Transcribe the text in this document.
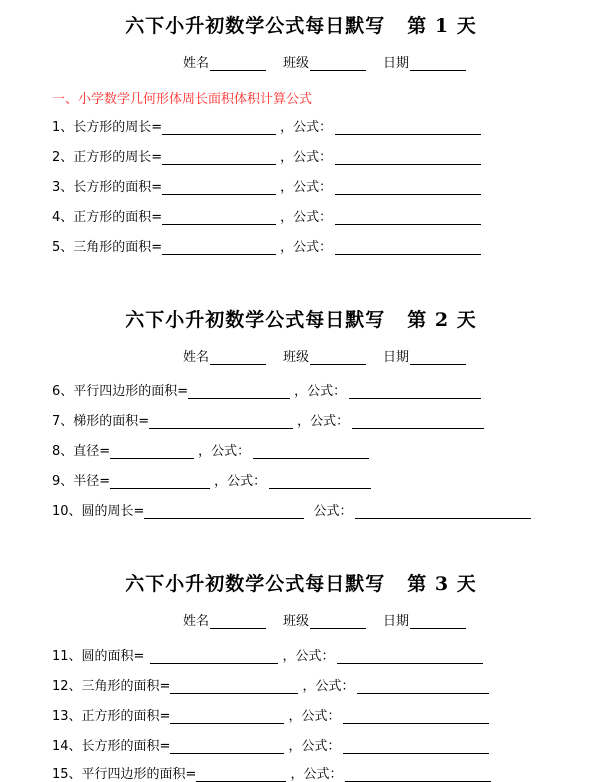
六下小升初数学公式每日默写 第 1 天
姓名	班级	日期
一、小学数学几何形体周长面积体积计算公式
1、长方形的周长=	，公式：
2、正方形的周长=	，公式：
3、长方形的面积=	，公式：
4、正方形的面积=	，公式：
5、三角形的面积=	，公式：
六下小升初数学公式每日默写 第 2 天
姓名	班级	日期
6、平行四边形的面积=	，公式：
7、梯形的面积=	，公式：
8、直径=	，公式：
9、半径=	，公式：
10、圆的周长=	公式：
六下小升初数学公式每日默写 第 3 天
姓名	班级	日期
11、圆的面积=	，公式：
12、三角形的面积=	，公式：
13、正方形的面积=	，公式：
14、长方形的面积=	，公式：
15、平行四边形的面积=	，公式：
